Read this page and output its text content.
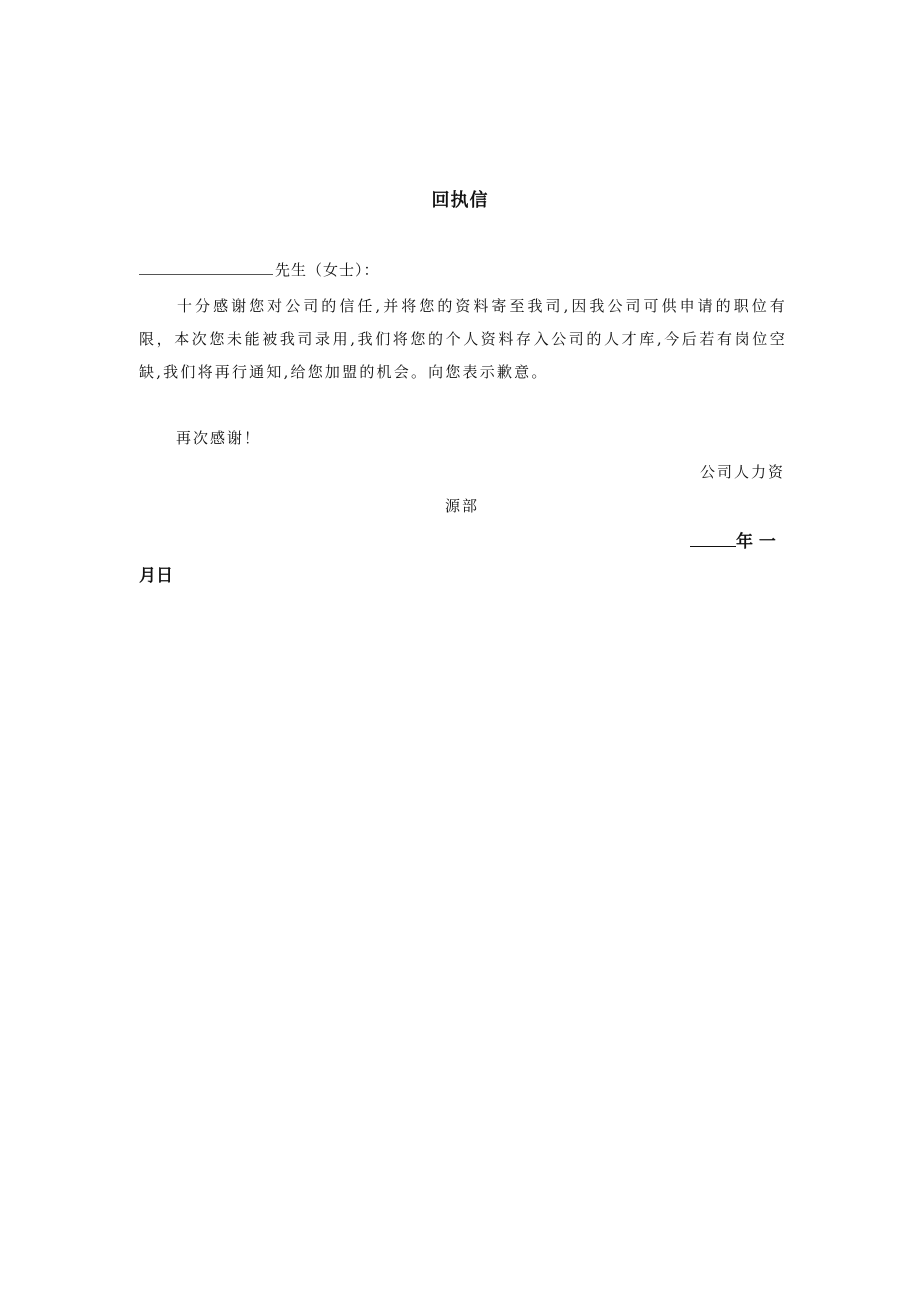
回执信
先生（女士）：

十分感谢您对公司的信任,并将您的资料寄至我司,因我公司可供申请的职位有限，本次您未能被我司录用,我们将您的个人资料存入公司的人才库,今后若有岗位空缺,我们将再行通知,给您加盟的机会。向您表示歉意。

再次感谢！
公司人力资
源部
年 一
月日
